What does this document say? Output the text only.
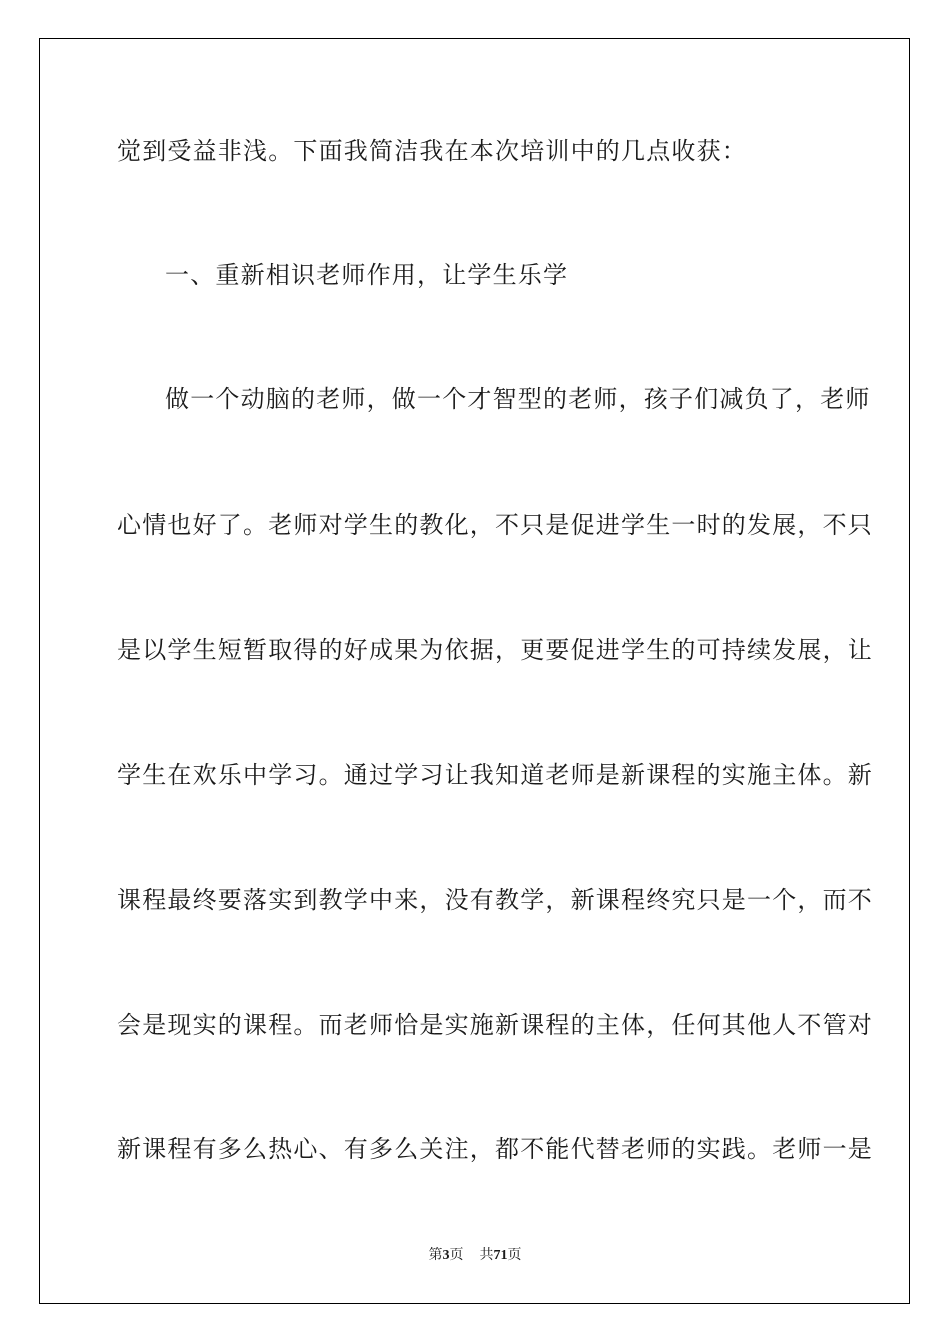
觉到受益非浅。下面我简洁我在本次培训中的几点收获：
一、重新相识老师作用，让学生乐学
做一个动脑的老师，做一个才智型的老师，孩子们减负了，老师
心情也好了。老师对学生的教化，不只是促进学生一时的发展，不只
是以学生短暂取得的好成果为依据，更要促进学生的可持续发展，让
学生在欢乐中学习。通过学习让我知道老师是新课程的实施主体。新
课程最终要落实到教学中来，没有教学，新课程终究只是一个，而不
会是现实的课程。而老师恰是实施新课程的主体，任何其他人不管对
新课程有多么热心、有多么关注，都不能代替老师的实践。老师一是
第3页 共71页
